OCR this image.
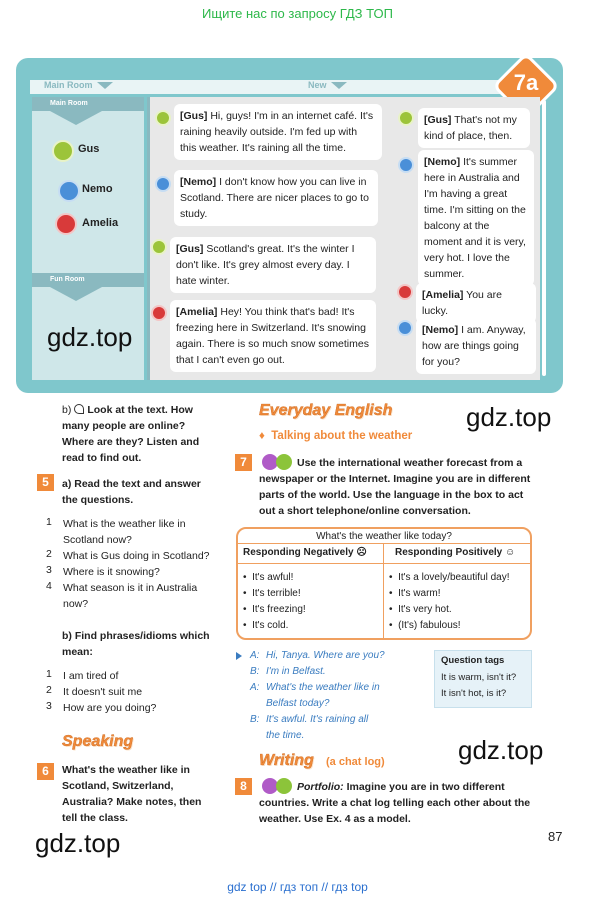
Ищите нас по запросу ГДЗ ТОП
Main Room	New	7a
Main Room
Gus
Nemo
Amelia
Fun Room
[Gus] Hi, guys! I'm in an internet café. It's raining heavily outside. I'm fed up with this weather. It's raining all the time.
[Nemo] I don't know how you can live in Scotland. There are nicer places to go to study.
[Gus] Scotland's great. It's the winter I don't like. It's grey almost every day. I hate winter.
[Amelia] Hey! You think that's bad! It's freezing here in Switzerland. It's snowing again. There is so much snow sometimes that I can't even go out.
[Gus] That's not my kind of place, then.
[Nemo] It's summer here in Australia and I'm having a great time. I'm sitting on the balcony at the moment and it is very, very hot. I love the summer.
[Amelia] You are lucky.
[Nemo] I am. Anyway, how are things going for you?
gdz.top
b) Look at the text. How many people are online? Where are they? Listen and read to find out.
5	a) Read the text and answer the questions.
1 What is the weather like in Scotland now?
2 What is Gus doing in Scotland?
3 Where is it snowing?
4 What season is it in Australia now?
b) Find phrases/idioms which mean:
1 I am tired of
2 It doesn't suit me
3 How are you doing?
Speaking
6	What's the weather like in Scotland, Switzerland, Australia? Make notes, then tell the class.
gdz.top
Everyday English	gdz.top
♦ Talking about the weather
7	Use the international weather forecast from a newspaper or the Internet. Imagine you are in different parts of the world. Use the language in the box to act out a short telephone/online conversation.
What's the weather like today?
Responding Negatively ☹	Responding Positively ☺
•  It's awful!
•  It's terrible!
•  It's freezing!
•  It's cold.
•  It's a lovely/beautiful day!
•  It's warm!
•  It's very hot.
•  (It's) fabulous!
A: Hi, Tanya. Where are you?
B: I'm in Belfast.
A: What's the weather like in Belfast today?
B: It's awful. It's raining all the time.
Question tags
It is warm, isn't it?
It isn't hot, is it?
gdz.top
Writing (a chat log)
8	Portfolio: Imagine you are in two different countries. Write a chat log telling each other about the weather. Use Ex. 4 as a model.
87
gdz top // гдз топ // гдз top
